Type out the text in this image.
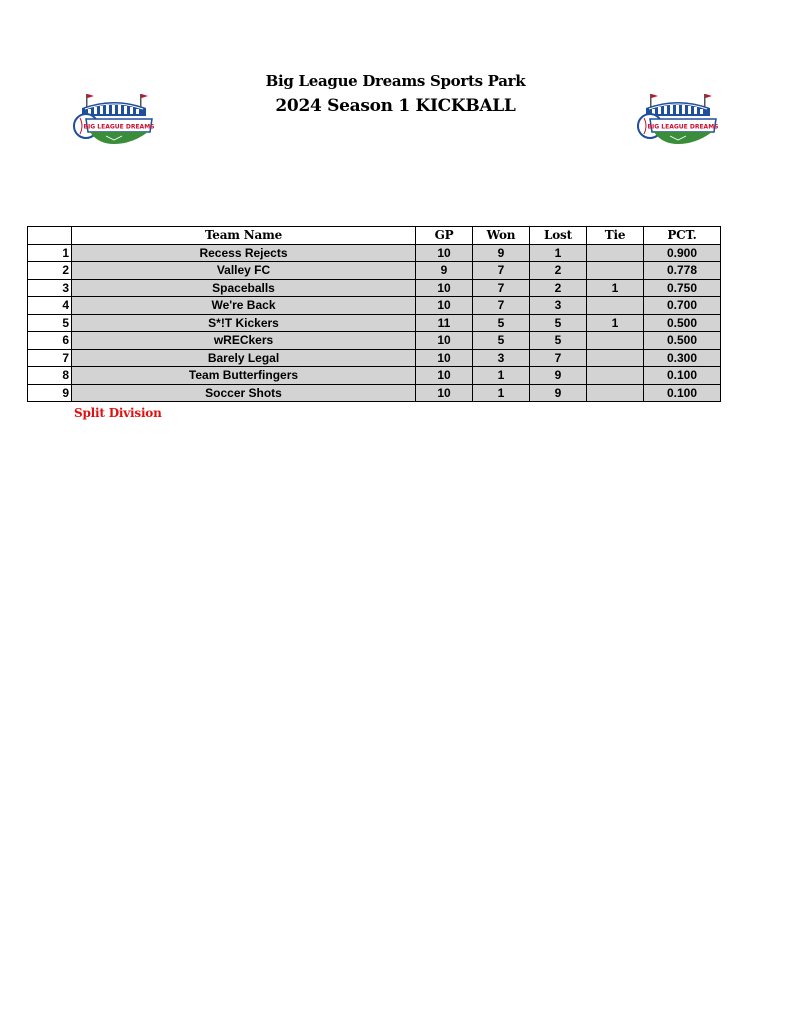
BIG LEAGUE DREAMS	BIG LEAGUE DREAMS
Big League Dreams Sports Park
2024 Season 1 KICKBALL
	Team Name	GP	Won	Lost	Tie	PCT.
1	Recess Rejects	10	9	1		0.900
2	Valley FC	9	7	2		0.778
3	Spaceballs	10	7	2	1	0.750
4	We're Back	10	7	3		0.700
5	S*!T Kickers	11	5	5	1	0.500
6	wRECkers	10	5	5		0.500
7	Barely Legal	10	3	7		0.300
8	Team Butterfingers	10	1	9		0.100
9	Soccer Shots	10	1	9		0.100
Split Division
